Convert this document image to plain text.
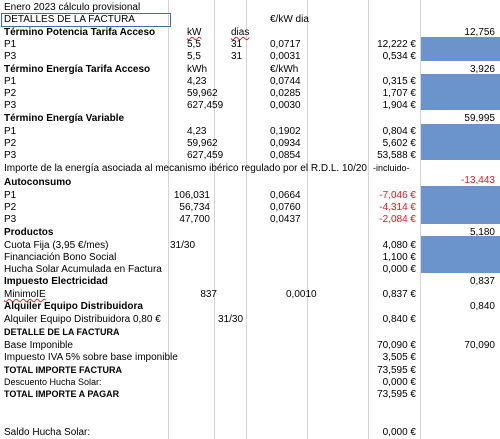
Enero 2023 cálculo provisional
DETALLES DE LA FACTURA	€/kW dia
Término Potencia Tarifa Acceso	kW	dias	12,756
P1	5,5	31	0,0717	12,222 €
P3	5,5	31	0,0031	0,534 €
Término Energía Tarifa Acceso	kWh	€/kWh	3,926
P1	4,23	0,0744	0,315 €
P2	59,962	0,0285	1,707 €
P3	627,459	0,0030	1,904 €
Término Energía Variable	59,995
P1	4,23	0,1902	0,804 €
P2	59,962	0,0934	5,602 €
P3	627,459	0,0854	53,588 €
Importe de la energía asociada al mecanismo ibérico regulado por el R.D.L. 10/20 -incluido-
Autoconsumo	-13,443
P1	106,031	0,0664	-7,046 €
P2	56,734	0,0760	-4,314 €
P3	47,700	0,0437	-2,084 €
Productos	5,180
Cuota Fija (3,95 €/mes)	31/30	4,080 €
Financiación Bono Social	1,100 €
Hucha Solar Acumulada en Factura	0,000 €
Impuesto Electricidad	0,837
MinimoIE	837	0,0010	0,837 €
Alquiler Equipo Distribuidora	0,840
Alquiler Equipo Distribuidora 0,80 €	31/30	0,840 €
DETALLE DE LA FACTURA
Base Imponible	70,090 €	70,090
Impuesto IVA 5% sobre base imponible	3,505 €
TOTAL IMPORTE FACTURA	73,595 €
Descuento Hucha Solar:	0,000 €
TOTAL IMPORTE A PAGAR	73,595 €
Saldo Hucha Solar:	0,000 €
